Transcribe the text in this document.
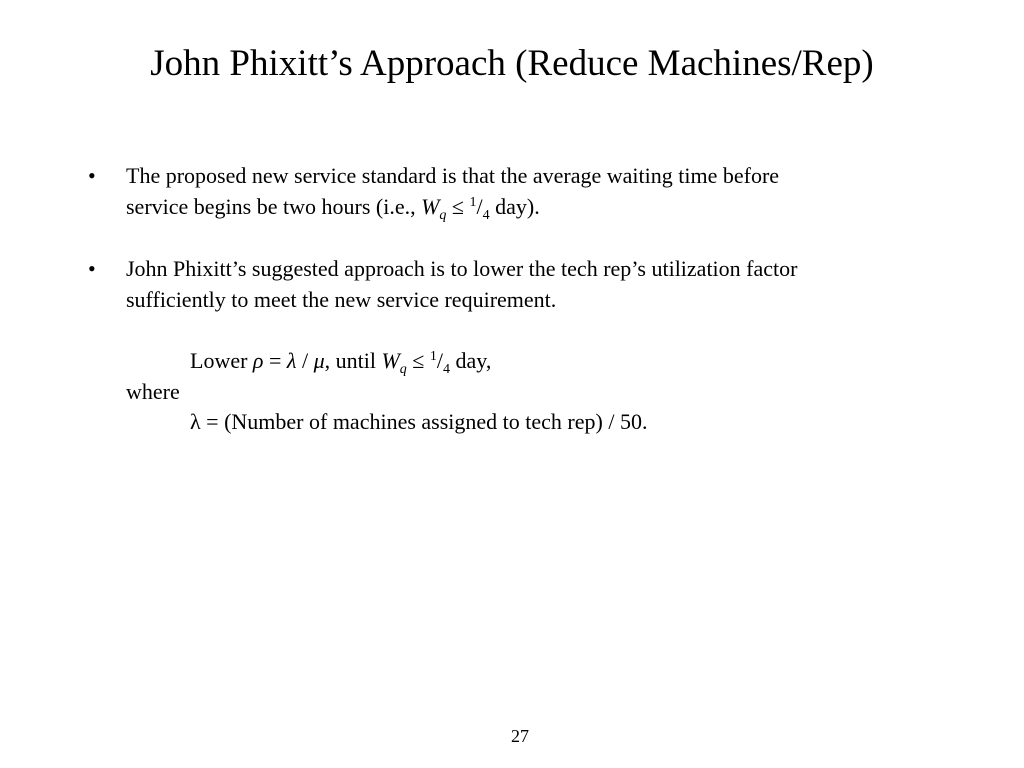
John Phixitt’s Approach (Reduce Machines/Rep)
• The proposed new service standard is that the average waiting time before
service begins be two hours (i.e., $W_q \le ^1/_4$ day).
• John Phixitt’s suggested approach is to lower the tech rep’s utilization factor
sufficiently to meet the new service requirement.
Lower ρ = λ / μ, until $W_q \le ^1/_4$ day,
where
λ = (Number of machines assigned to tech rep) / 50.
27
